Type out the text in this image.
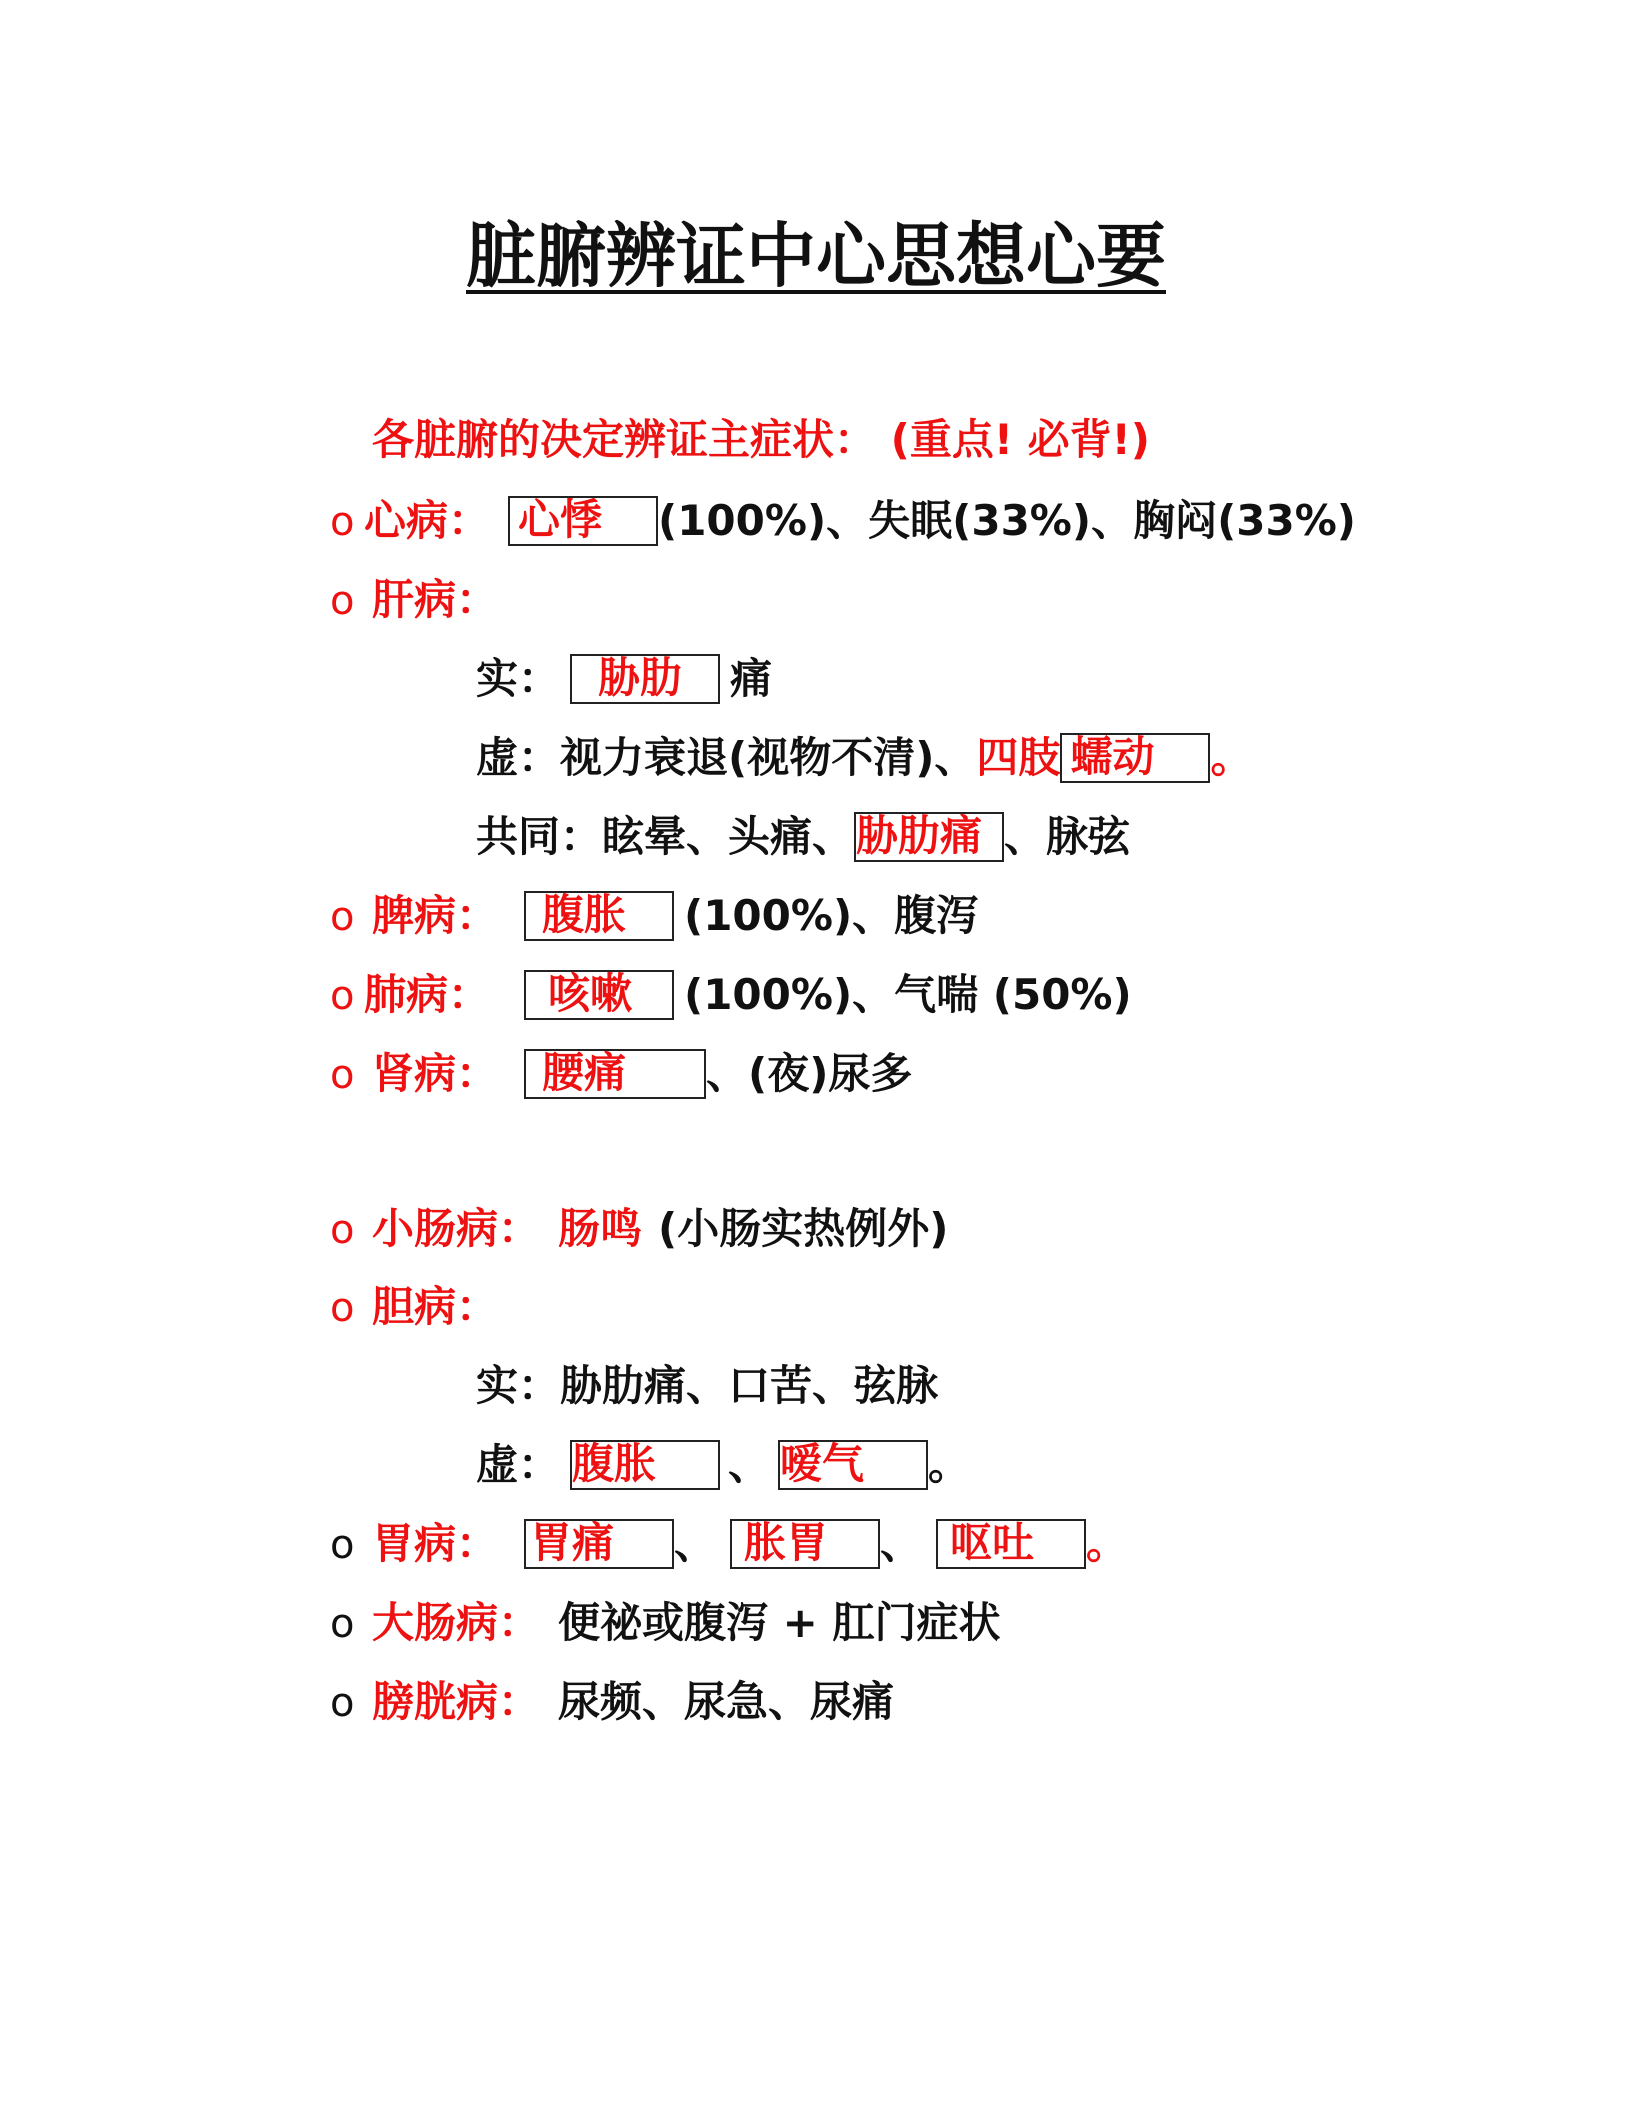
脏腑辨证中心思想心要
各脏腑的决定辨证主症状： (重点! 必背!)
o 心病： 心悸 (100%)、失眠(33%)、胸闷(33%)
o 肝病：
实： 胁肋 痛
虚：视力衰退(视物不清)、四肢 蠕动 。
共同：眩晕、头痛、胁肋痛 、脉弦
o 脾病： 腹胀 (100%)、腹泻
o 肺病： 咳嗽 (100%)、气喘 (50%)
o 肾病： 腰痛 、(夜)尿多
o 小肠病： 肠鸣 (小肠实热例外)
o 胆病：
实：胁肋痛、口苦、弦脉
虚： 腹胀 、 嗳气 。
o 胃病： 胃痛 、 胀胃 、 呕吐 。
o 大肠病： 便祕或腹泻 + 肛门症状
o 膀胱病： 尿频、尿急、尿痛
